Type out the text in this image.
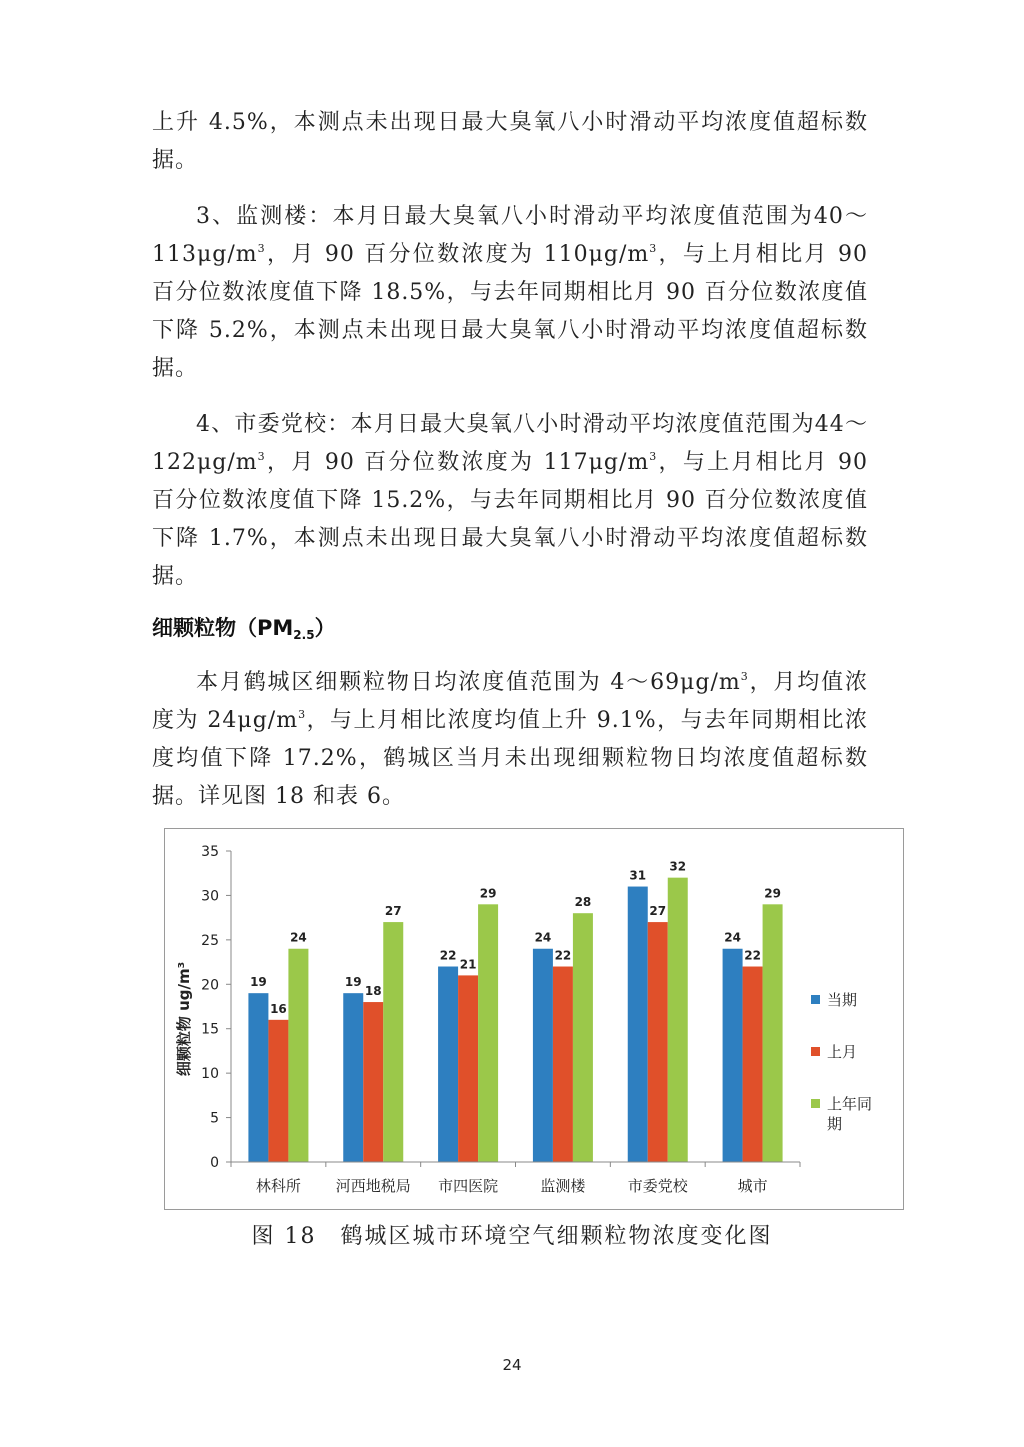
上升 4.5%，本测点未出现日最大臭氧八小时滑动平均浓度值超标数据。

3、监测楼：本月日最大臭氧八小时滑动平均浓度值范围为$40\sim 113\mu g/m^3$，月 90 百分位数浓度为 $110\mu g/m^3$，与上月相比月 90 百分位数浓度值下降 18.5%，与去年同期相比月 90 百分位数浓度值下降 5.2%，本测点未出现日最大臭氧八小时滑动平均浓度值超标数据。

4、市委党校：本月日最大臭氧八小时滑动平均浓度值范围为$44\sim 122\mu g/m^3$，月 90 百分位数浓度为 $117\mu g/m^3$，与上月相比月 90 百分位数浓度值下降 15.2%，与去年同期相比月 90 百分位数浓度值下降 1.7%，本测点未出现日最大臭氧八小时滑动平均浓度值超标数据。

细颗粒物$(PM_{2.5})$

本月鹤城区细颗粒物日均浓度值范围为 $4\sim 69\mu g/m^3$，月均值浓度为 $24\mu g/m^3$，与上月相比浓度均值上升 9.1%，与去年同期相比浓度均值下降 17.2%，鹤城区当月未出现细颗粒物日均浓度值超标数据。详见图 18 和表 6。

0
5
10
15
20
25
30
35
19
16
24
19
18
27
22
21
29
24
22
28
31
27
32
24
22
29
林科所 河西地税局 市四医院	监测楼	市委党校	城市
当期
上月
上年同
期
细颗粒物 ug/m³
图 18　鹤城区城市环境空气细颗粒物浓度变化图
24
